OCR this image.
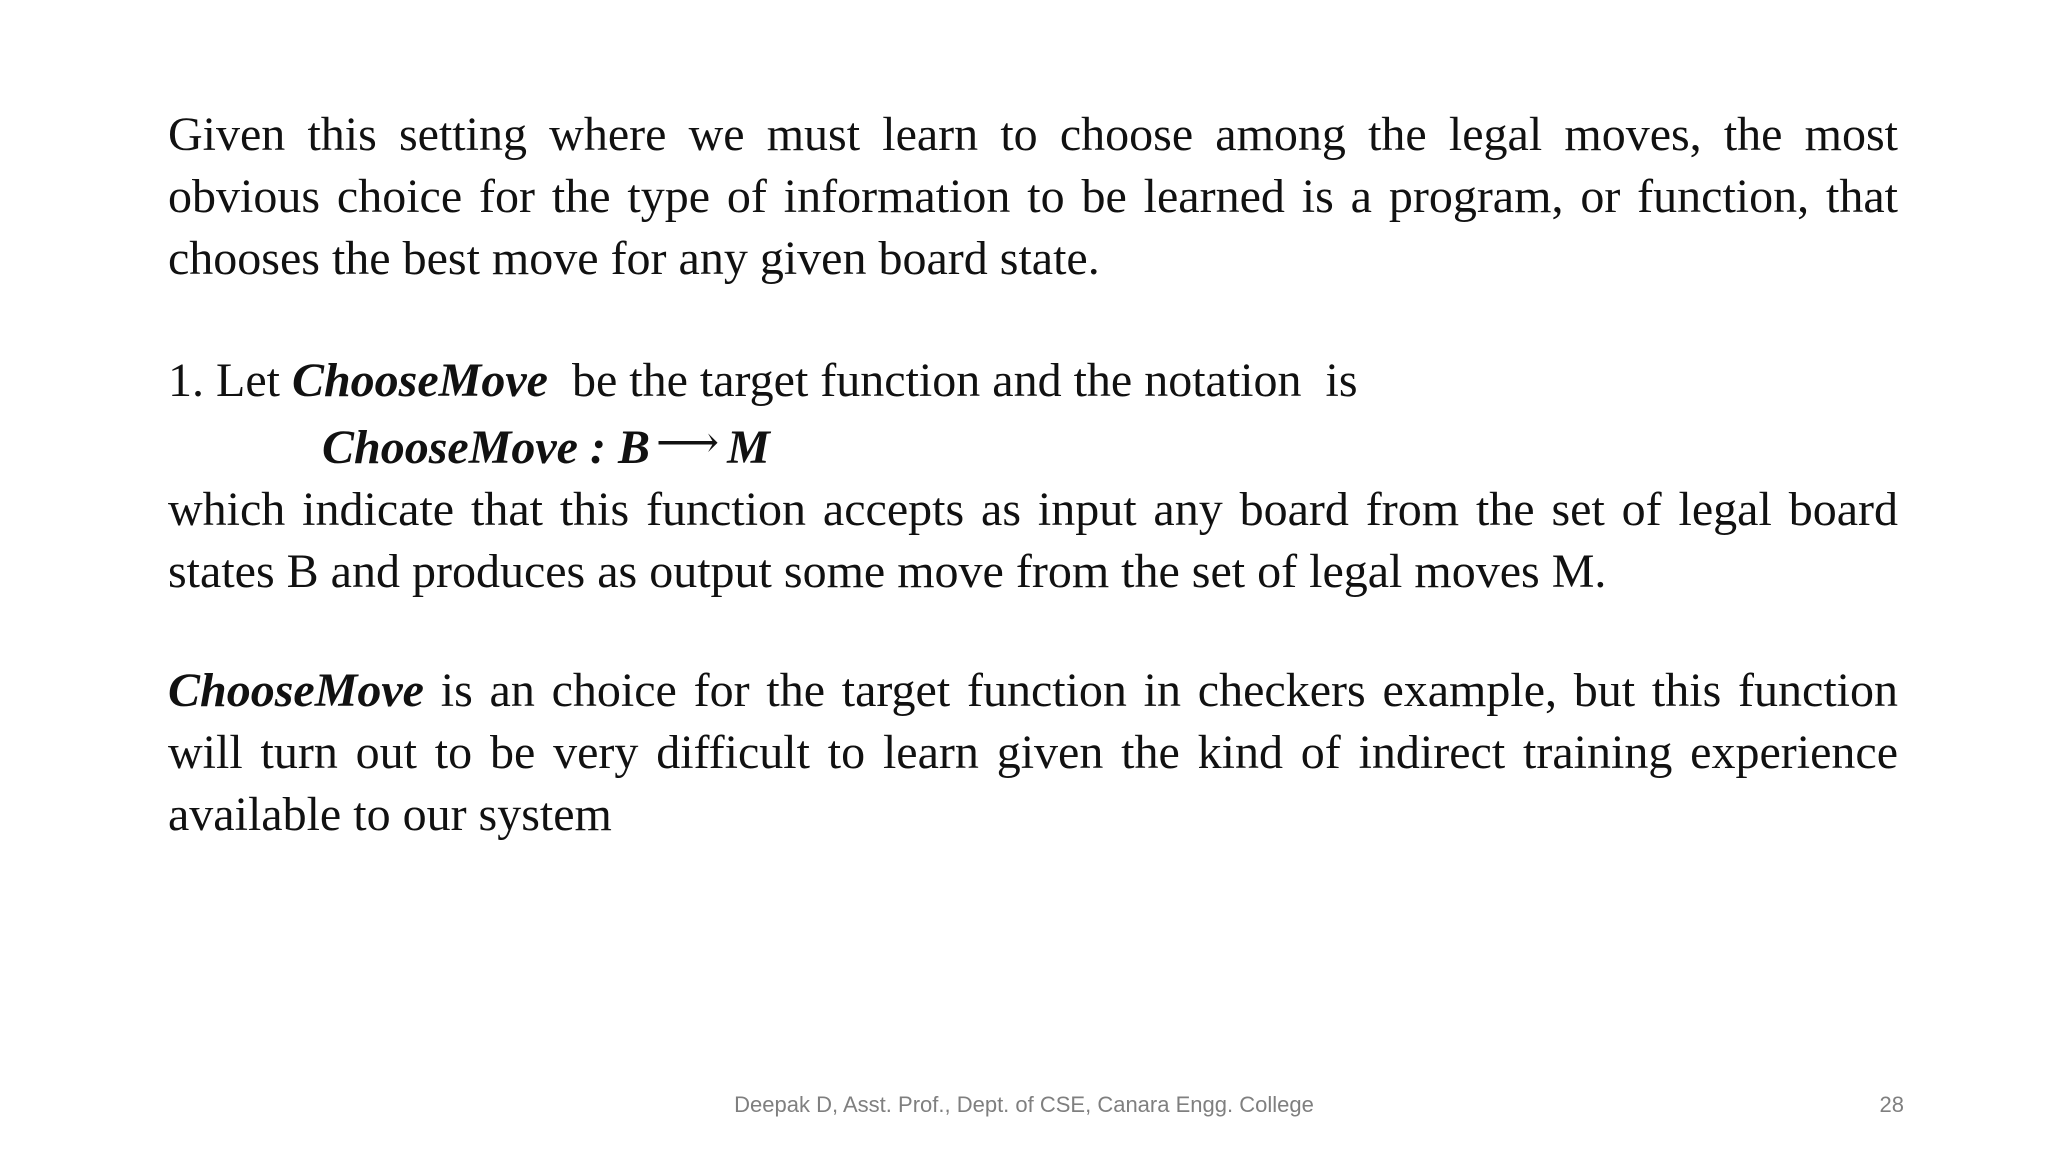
Given this setting where we must learn to choose among the legal moves, the most obvious choice for the type of information to be learned is a program, or function, that chooses the best move for any given board state.

1. Let ChooseMove  be the target function and the notation  is
ChooseMove : B ⟶ M
which indicate that this function accepts as input any board from the set of legal board states B and produces as output some move from the set of legal moves M.

ChooseMove is an choice for the target function in checkers example, but this function will turn out to be very difficult to learn given the kind of indirect training experience available to our system

Deepak D, Asst. Prof., Dept. of CSE, Canara Engg. College	28
